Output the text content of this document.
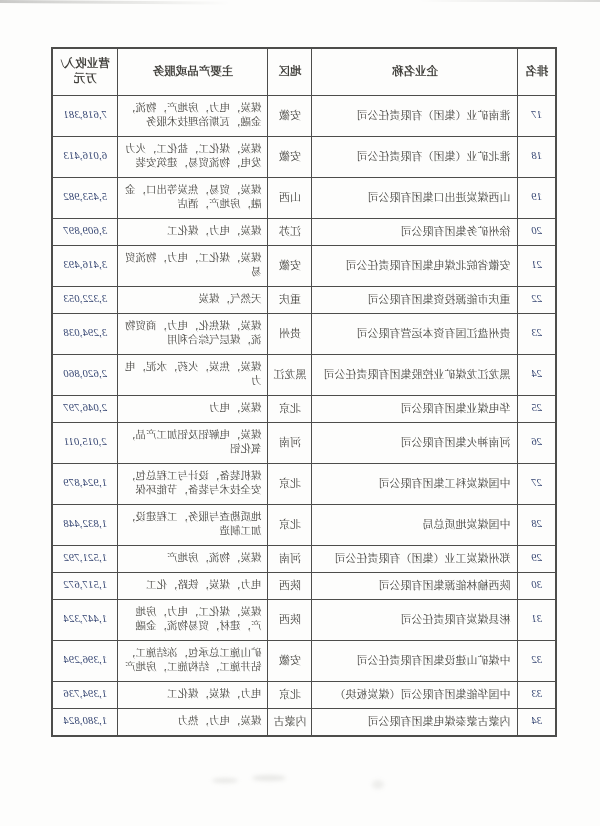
排名	企业名称	地区	主要产品或服务	营业收入/万元
17	淮南矿业（集团）有限责任公司	安徽	煤炭，电力，房地产，物流，金融，瓦斯治理技术服务	7,618,381
18	淮北矿业（集团）有限责任公司	安徽	煤炭，煤化工，盐化工，火力发电，物流贸易，建筑安装	6,016,413
19	山西煤炭进出口集团有限公司	山西	煤炭，贸易，焦炭等出口，金融，房地产，酒店	5,453,982
20	徐州矿务集团有限公司	江苏	煤炭，电力，煤化工	3,609,897
21	安徽省皖北煤电集团有限责任公司	安徽	煤炭，煤化工，电力，物流贸易	3,416,493
22	重庆市能源投资集团有限公司	重庆	天然气，煤炭	3,322,053
23	贵州盘江国有资本运营有限公司	贵州	煤炭，煤焦化，电力，商贸物流，煤层气综合利用	3,294,038
24	黑龙江龙煤矿业控股集团有限责任公司	黑龙江	煤炭，焦炭，火药，水泥，电力	2,620,860
25	华电煤业集团有限公司	北京	煤炭，电力	2,046,797
26	河南神火集团有限公司	河南	煤炭，电解铝及铝加工产品，氧化铝	2,015,011
27	中国煤炭科工集团有限公司	北京	煤机装备，设计与工程总包，安全技术与装备，节能环保	1,924,879
28	中国煤炭地质总局	北京	地质勘查与服务，工程建设，加工制造	1,832,448
29	郑州煤炭工业（集团）有限责任公司	河南	煤炭，物流，房地产	1,521,792
30	陕西榆林能源集团有限公司	陕西	电力，煤炭，铁路，化工	1,517,672
31	彬县煤炭有限责任公司	陕西	煤炭，煤化工，电力，房地产，建材，贸易物流，金融	1,447,324
32	中煤矿山建设集团有限责任公司	安徽	矿山施工总承包，冻结施工，钻井施工，结构施工，房地产	1,396,294
33	中国华能集团有限公司（煤炭板块）	北京	电力，煤炭，煤化工	1,394,736
34	内蒙古蒙泰煤电集团有限公司	内蒙古	煤炭，电力，热力	1,380,824
